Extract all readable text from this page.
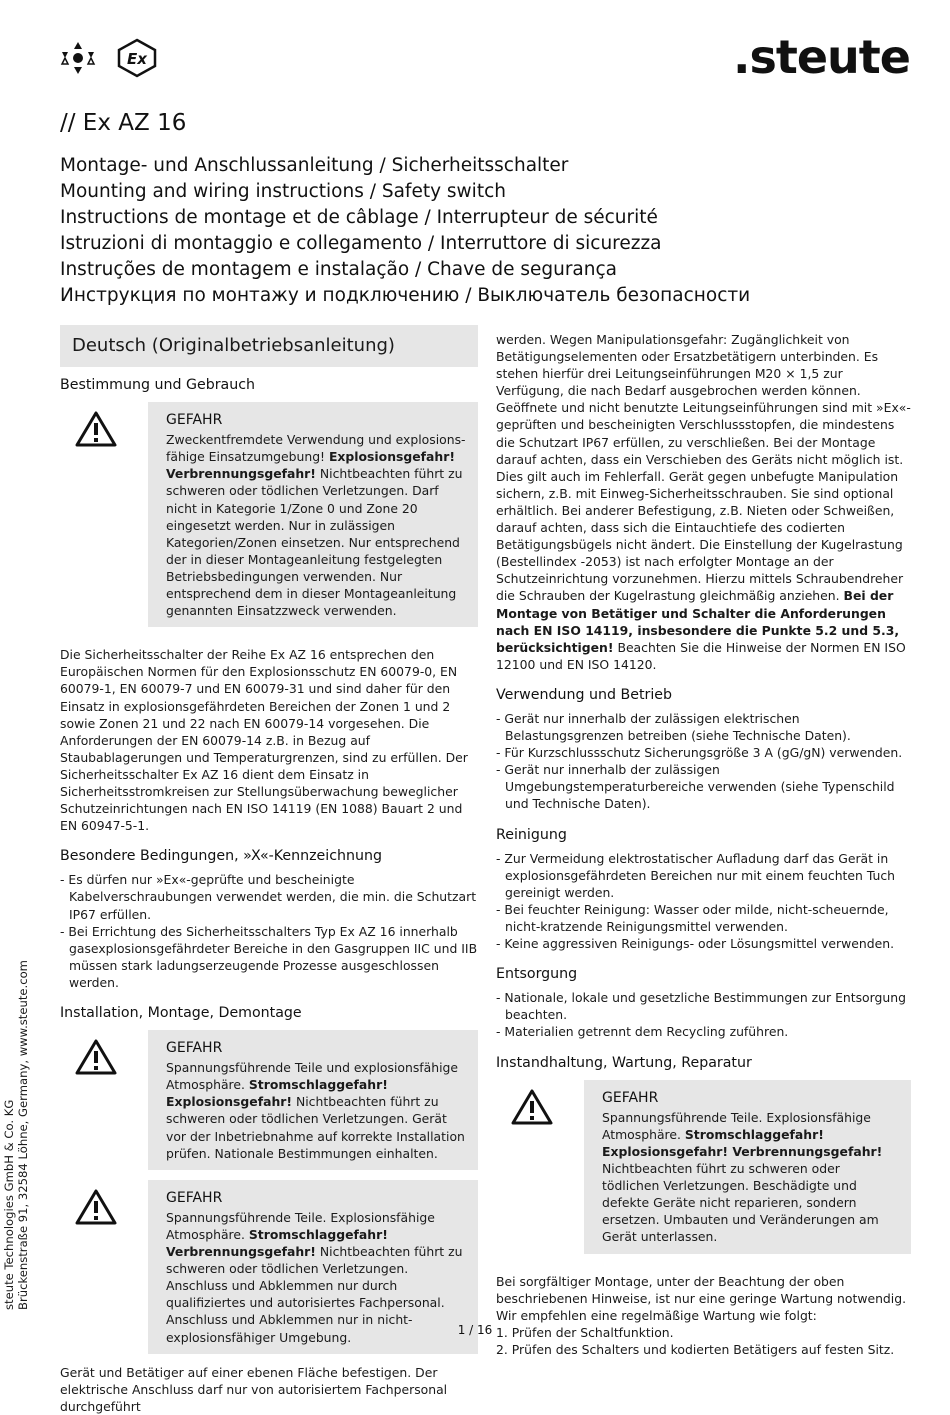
Ex	.steute
// Ex AZ 16
Montage- und Anschlussanleitung / Sicherheitsschalter
Mounting and wiring instructions / Safety switch
Instructions de montage et de câblage / Interrupteur de sécurité
Istruzioni di montaggio e collegamento / Interruttore di sicurezza
Instruções de montagem e instalação / Chave de segurança
Инструкция по монтажу и подключению / Выключатель безопасности
Deutsch (Originalbetriebsanleitung)
Bestimmung und Gebrauch
GEFAHR

Zweckentfremdete Verwendung und explosions-fähige Einsatzumgebung! Explosionsgefahr! Verbrennungsgefahr! Nichtbeachten führt zu schweren oder tödlichen Verletzungen. Darf nicht in Kategorie 1/Zone 0 und Zone 20 eingesetzt werden. Nur in zulässigen Kategorien/Zonen einsetzen. Nur entsprechend der in dieser Montageanleitung festgelegten Betriebsbedingungen verwenden. Nur entsprechend dem in dieser Montageanleitung genannten Einsatzzweck verwenden.

Die Sicherheitsschalter der Reihe Ex AZ 16 entsprechen den Europäischen Normen für den Explosionsschutz EN 60079-0, EN 60079-1, EN 60079-7 und EN 60079-31 und sind daher für den Einsatz in explosionsgefährdeten Bereichen der Zonen 1 und 2 sowie Zonen 21 und 22 nach EN 60079-14 vorgesehen. Die Anforderungen der EN 60079-14 z.B. in Bezug auf Staubablagerungen und Temperaturgrenzen, sind zu erfüllen. Der Sicherheitsschalter Ex AZ 16 dient dem Einsatz in Sicherheitsstromkreisen zur Stellungsüberwachung beweglicher Schutzeinrichtungen nach EN ISO 14119 (EN 1088) Bauart 2 und EN 60947-5-1.

Besondere Bedingungen, »X«-Kennzeichnung
- Es dürfen nur »Ex«-geprüfte und bescheinigte Kabelverschraubungen verwendet werden, die min. die Schutzart IP67 erfüllen.
- Bei Errichtung des Sicherheitsschalters Typ Ex AZ 16 innerhalb gasexplosionsgefährdeter Bereiche in den Gasgruppen IIC und IIB müssen stark ladungserzeugende Prozesse ausgeschlossen werden.
Installation, Montage, Demontage
GEFAHR

Spannungsführende Teile und explosionsfähige Atmosphäre. Stromschlaggefahr! Explosionsgefahr! Nichtbeachten führt zu schweren oder tödlichen Verletzungen. Gerät vor der Inbetriebnahme auf korrekte Installation prüfen. Nationale Bestimmungen einhalten.

GEFAHR

Spannungsführende Teile. Explosionsfähige Atmosphäre. Stromschlaggefahr! Verbrennungsgefahr! Nichtbeachten führt zu schweren oder tödlichen Verletzungen. Anschluss und Abklemmen nur durch qualifiziertes und autorisiertes Fachpersonal. Anschluss und Abklemmen nur in nicht-explosionsfähiger Umgebung.

Gerät und Betätiger auf einer ebenen Fläche befestigen. Der elektrische Anschluss darf nur von autorisiertem Fachpersonal durchgeführt

werden. Wegen Manipulationsgefahr: Zugänglichkeit von Betätigungselementen oder Ersatzbetätigern unterbinden. Es stehen hierfür drei Leitungseinführungen M20 × 1,5 zur Verfügung, die nach Bedarf ausgebrochen werden können. Geöffnete und nicht benutzte Leitungseinführungen sind mit »Ex«-geprüften und bescheinigten Verschlussstopfen, die mindestens die Schutzart IP67 erfüllen, zu verschließen. Bei der Montage darauf achten, dass ein Verschieben des Geräts nicht möglich ist. Dies gilt auch im Fehlerfall. Gerät gegen unbefugte Manipulation sichern, z.B. mit Einweg-Sicherheitsschrauben. Sie sind optional erhältlich. Bei anderer Befestigung, z.B. Nieten oder Schweißen, darauf achten, dass sich die Eintauchtiefe des codierten Betätigungsbügels nicht ändert. Die Einstellung der Kugelrastung (Bestellindex -2053) ist nach erfolgter Montage an der Schutzeinrichtung vorzunehmen. Hierzu mittels Schraubendreher die Schrauben der Kugelrastung gleichmäßig anziehen. Bei der Montage von Betätiger und Schalter die Anforderungen nach EN ISO 14119, insbesondere die Punkte 5.2 und 5.3, berücksichtigen! Beachten Sie die Hinweise der Normen EN ISO 12100 und EN ISO 14120.

Verwendung und Betrieb
- Gerät nur innerhalb der zulässigen elektrischen Belastungsgrenzen betreiben (siehe Technische Daten).
- Für Kurzschlussschutz Sicherungsgröße 3 A (gG/gN) verwenden.
- Gerät nur innerhalb der zulässigen Umgebungstemperaturbereiche verwenden (siehe Typenschild und Technische Daten).
Reinigung
- Zur Vermeidung elektrostatischer Aufladung darf das Gerät in explosionsgefährdeten Bereichen nur mit einem feuchten Tuch gereinigt werden.
- Bei feuchter Reinigung: Wasser oder milde, nicht-scheuernde, nicht-kratzende Reinigungsmittel verwenden.
- Keine aggressiven Reinigungs- oder Lösungsmittel verwenden.
Entsorgung
- Nationale, lokale und gesetzliche Bestimmungen zur Entsorgung beachten.
- Materialien getrennt dem Recycling zuführen.
Instandhaltung, Wartung, Reparatur
GEFAHR

Spannungsführende Teile. Explosionsfähige Atmosphäre. Stromschlaggefahr! Explosionsgefahr! Verbrennungsgefahr! Nichtbeachten führt zu schweren oder tödlichen Verletzungen. Beschädigte und defekte Geräte nicht reparieren, sondern ersetzen. Umbauten und Veränderungen am Gerät unterlassen.

Bei sorgfältiger Montage, unter der Beachtung der oben beschriebenen Hinweise, ist nur eine geringe Wartung notwendig. Wir empfehlen eine regelmäßige Wartung wie folgt:

1. Prüfen der Schaltfunktion.
2. Prüfen des Schalters und kodierten Betätigers auf festen Sitz.
steute Technologies GmbH & Co. KG Brückenstraße 91, 32584 Löhne, Germany, www.steute.com
1 / 16
